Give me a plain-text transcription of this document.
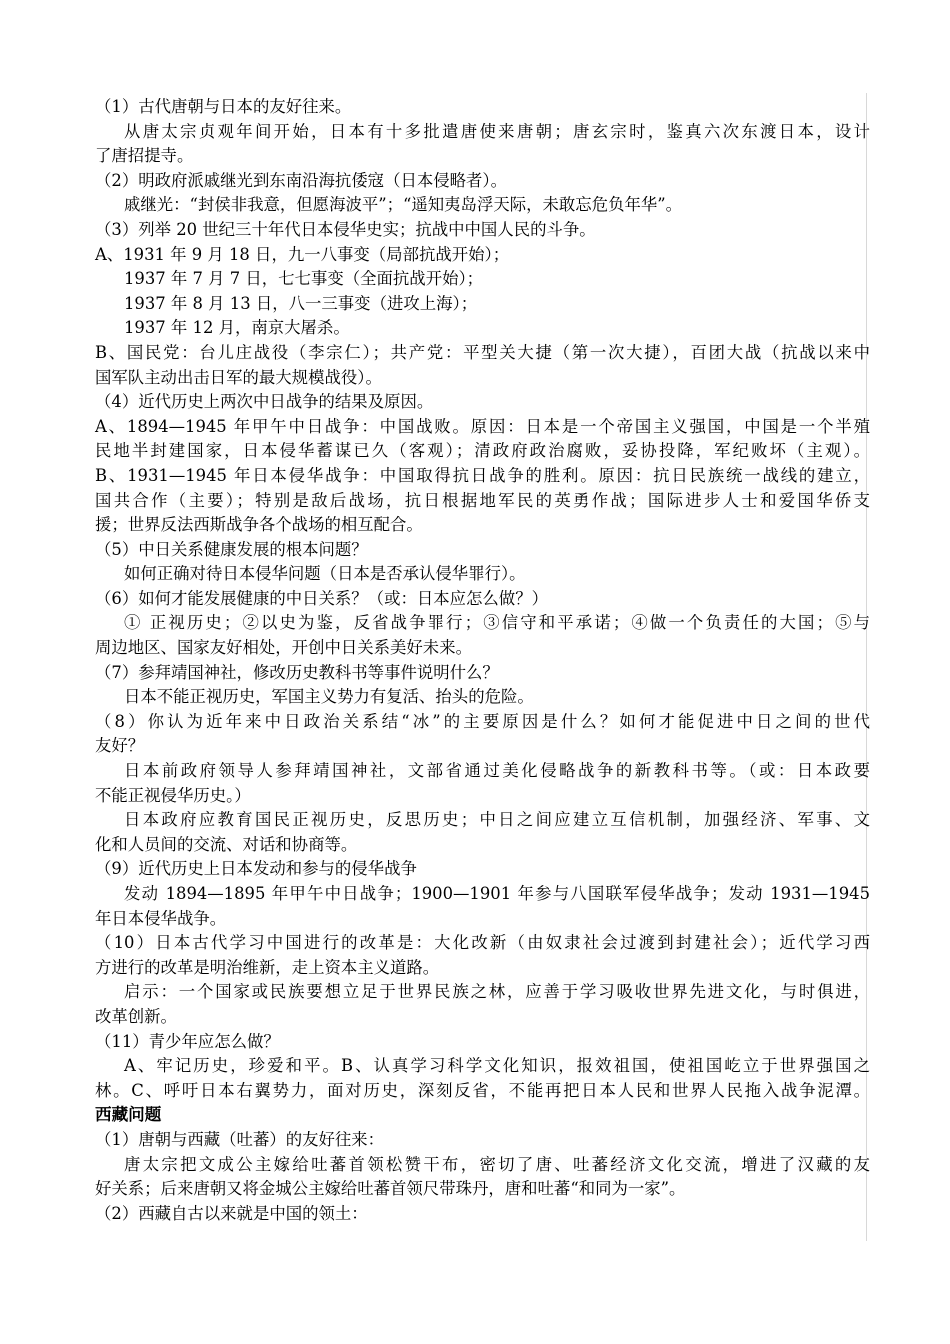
（1）古代唐朝与日本的友好往来。
从唐太宗贞观年间开始，日本有十多批遣唐使来唐朝；唐玄宗时，鉴真六次东渡日本，设计
了唐招提寺。
（2）明政府派戚继光到东南沿海抗倭寇（日本侵略者）。
戚继光：“封侯非我意，但愿海波平”；“遥知夷岛浮天际，未敢忘危负年华”。
（3）列举 20 世纪三十年代日本侵华史实；抗战中中国人民的斗争。
A、1931 年 9 月 18 日，九一八事变（局部抗战开始）；
1937 年 7 月 7 日，七七事变（全面抗战开始）；
1937 年 8 月 13 日，八一三事变（进攻上海）；
1937 年 12 月，南京大屠杀。
B、国民党：台儿庄战役（李宗仁）；共产党：平型关大捷（第一次大捷），百团大战（抗战以来中
国军队主动出击日军的最大规模战役）。
（4）近代历史上两次中日战争的结果及原因。
A、1894—1945 年甲午中日战争：中国战败。原因：日本是一个帝国主义强国，中国是一个半殖
民地半封建国家，日本侵华蓄谋已久（客观）；清政府政治腐败，妥协投降，军纪败坏（主观）。
B、1931—1945 年日本侵华战争：中国取得抗日战争的胜利。原因：抗日民族统一战线的建立，
国共合作（主要）；特别是敌后战场，抗日根据地军民的英勇作战；国际进步人士和爱国华侨支
援；世界反法西斯战争各个战场的相互配合。
（5）中日关系健康发展的根本问题？
如何正确对待日本侵华问题（日本是否承认侵华罪行）。
（6）如何才能发展健康的中日关系？（或：日本应怎么做？）
① 正视历史；②以史为鉴，反省战争罪行；③信守和平承诺；④做一个负责任的大国；⑤与
周边地区、国家友好相处，开创中日关系美好未来。
（7）参拜靖国神社，修改历史教科书等事件说明什么？
日本不能正视历史，军国主义势力有复活、抬头的危险。
（8）你认为近年来中日政治关系结“冰”的主要原因是什么？如何才能促进中日之间的世代
友好？
日本前政府领导人参拜靖国神社，文部省通过美化侵略战争的新教科书等。（或：日本政要
不能正视侵华历史。）
日本政府应教育国民正视历史，反思历史；中日之间应建立互信机制，加强经济、军事、文
化和人员间的交流、对话和协商等。
（9）近代历史上日本发动和参与的侵华战争
发动 1894—1895 年甲午中日战争；1900—1901 年参与八国联军侵华战争；发动 1931—1945
年日本侵华战争。
（10）日本古代学习中国进行的改革是：大化改新（由奴隶社会过渡到封建社会）；近代学习西
方进行的改革是明治维新，走上资本主义道路。
启示：一个国家或民族要想立足于世界民族之林，应善于学习吸收世界先进文化，与时俱进，
改革创新。
（11）青少年应怎么做？
A、牢记历史，珍爱和平。B、认真学习科学文化知识，报效祖国，使祖国屹立于世界强国之
林。C、呼吁日本右翼势力，面对历史，深刻反省，不能再把日本人民和世界人民拖入战争泥潭。
西藏问题
（1）唐朝与西藏（吐蕃）的友好往来：
唐太宗把文成公主嫁给吐蕃首领松赞干布，密切了唐、吐蕃经济文化交流，增进了汉藏的友
好关系；后来唐朝又将金城公主嫁给吐蕃首领尺带珠丹，唐和吐蕃“和同为一家”。
（2）西藏自古以来就是中国的领土：
